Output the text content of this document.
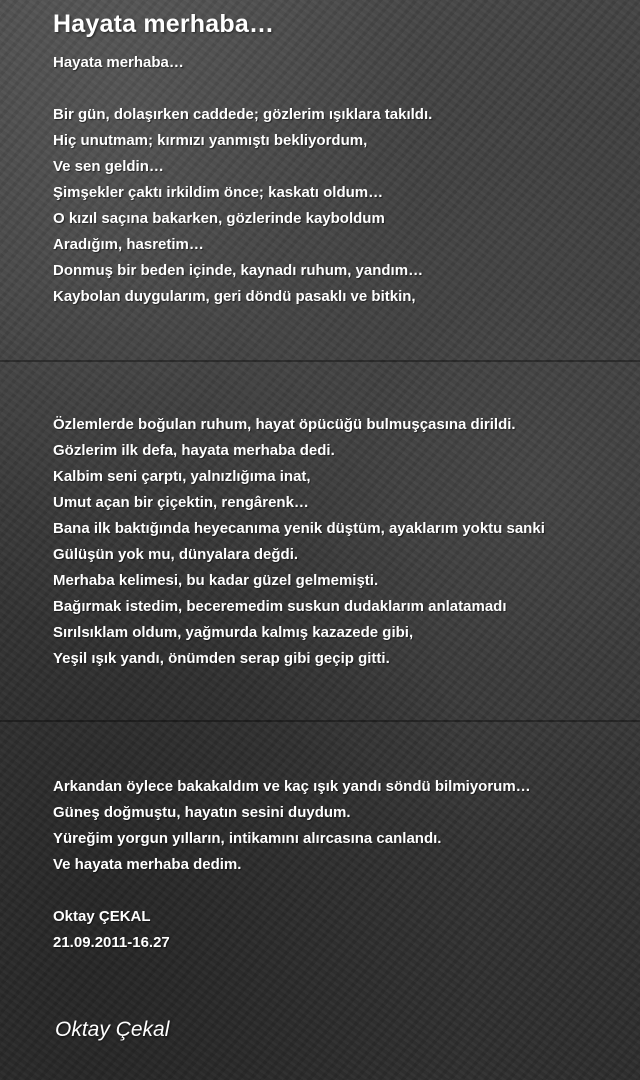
Hayata merhaba…
Hayata merhaba…
Bir gün, dolaşırken caddede; gözlerim ışıklara takıldı.
Hiç unutmam; kırmızı yanmıştı bekliyordum,
Ve sen geldin…
Şimşekler çaktı irkildim önce; kaskatı oldum…
O kızıl saçına bakarken, gözlerinde kayboldum
Aradığım, hasretim…
Donmuş bir beden içinde, kaynadı ruhum, yandım…
Kaybolan duygularım, geri döndü pasaklı ve bitkin,
Özlemlerde boğulan ruhum, hayat öpücüğü bulmuşçasına dirildi.
Gözlerim ilk defa, hayata merhaba dedi.
Kalbim seni çarptı, yalnızlığıma inat,
Umut açan bir çiçektin, rengârenk…
Bana ilk baktığında heyecanıma yenik düştüm, ayaklarım yoktu sanki
Gülüşün yok mu, dünyalara değdi.
Merhaba kelimesi, bu kadar güzel gelmemişti.
Bağırmak istedim, beceremedim suskun dudaklarım anlatamadı
Sırılsıklam oldum, yağmurda kalmış kazazede gibi,
Yeşil ışık yandı, önümden serap gibi geçip gitti.
Arkandan öylece bakakaldım ve kaç ışık yandı söndü bilmiyorum…
Güneş doğmuştu, hayatın sesini duydum.
Yüreğim yorgun yılların, intikamını alırcasına canlandı.
Ve hayata merhaba dedim.
Oktay ÇEKAL
21.09.2011-16.27
Oktay Çekal
